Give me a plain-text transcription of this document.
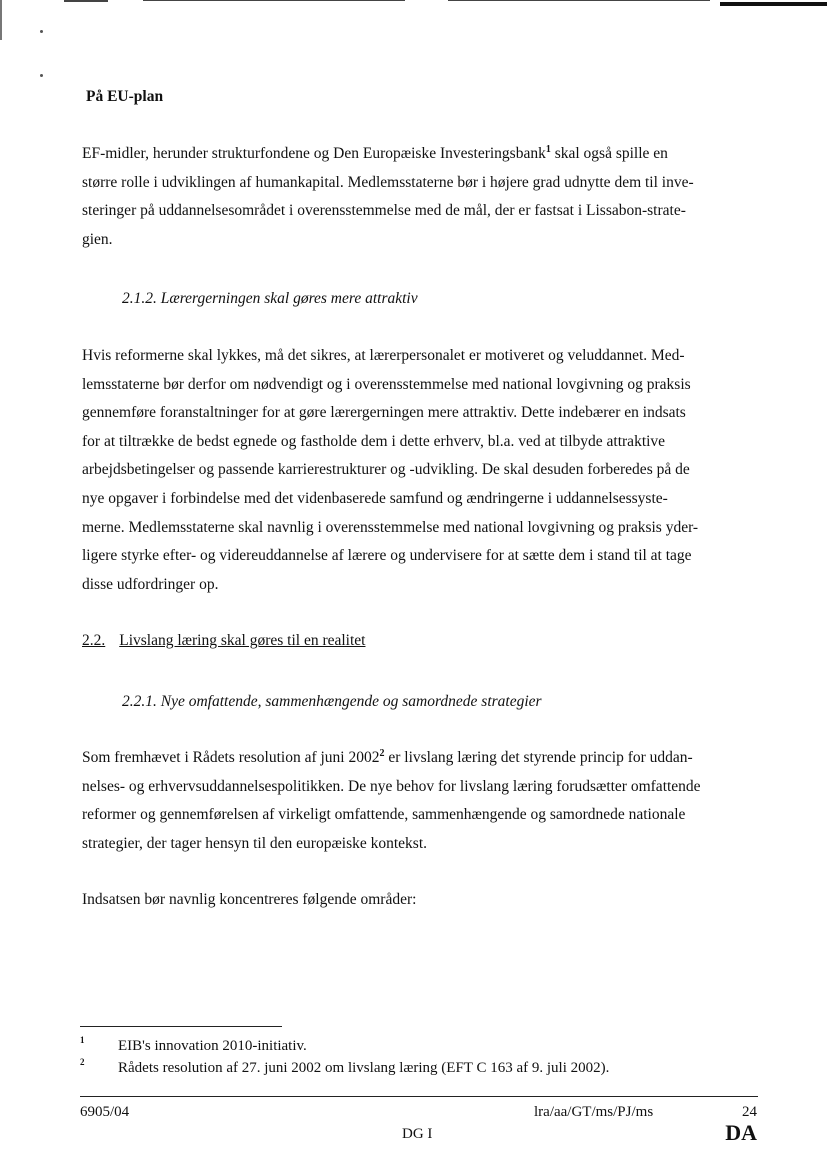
På EU-plan

EF-midler, herunder strukturfondene og Den Europæiske Investeringsbank$^1$ skal også spille en
større rolle i udviklingen af humankapital. Medlemsstaterne bør i højere grad udnytte dem til inve-
steringer på uddannelsesområdet i overensstemmelse med de mål, der er fastsat i Lissabon-strate-
gien.

2.1.2. Lærergerningen skal gøres mere attraktiv

Hvis reformerne skal lykkes, må det sikres, at lærerpersonalet er motiveret og veluddannet. Med-
lemsstaterne bør derfor om nødvendigt og i overensstemmelse med national lovgivning og praksis
gennemføre foranstaltninger for at gøre lærergerningen mere attraktiv. Dette indebærer en indsats
for at tiltrække de bedst egnede og fastholde dem i dette erhverv, bl.a. ved at tilbyde attraktive
arbejdsbetingelser og passende karrierestrukturer og -udvikling. De skal desuden forberedes på de
nye opgaver i forbindelse med det videnbaserede samfund og ændringerne i uddannelsessyste-
merne. Medlemsstaterne skal navnlig i overensstemmelse med national lovgivning og praksis yder-
ligere styrke efter- og videreuddannelse af lærere og undervisere for at sætte dem i stand til at tage
disse udfordringer op.

2.2. Livslang læring skal gøres til en realitet
2.2.1. Nye omfattende, sammenhængende og samordnede strategier

Som fremhævet i Rådets resolution af juni 2002$^2$ er livslang læring det styrende princip for uddan-
nelses- og erhvervsuddannelsespolitikken. De nye behov for livslang læring forudsætter omfattende
reformer og gennemførelsen af virkeligt omfattende, sammenhængende og samordnede nationale
strategier, der tager hensyn til den europæiske kontekst.

Indsatsen bør navnlig koncentreres følgende områder:

1 EIB's innovation 2010-initiativ.
2 Rådets resolution af 27. juni 2002 om livslang læring (EFT C 163 af 9. juli 2002).
6905/04
DG I
lra/aa/GT/ms/PJ/ms	24
DA
